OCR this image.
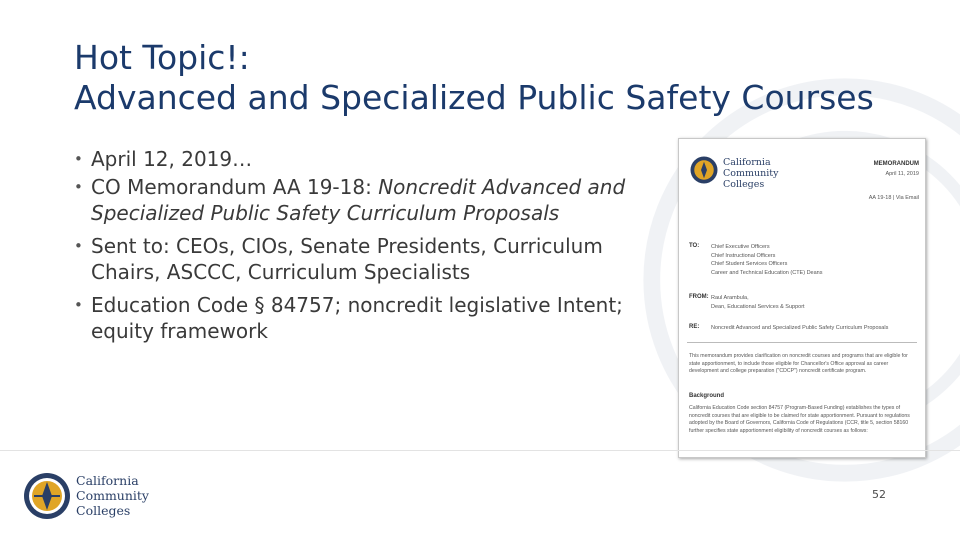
Hot Topic!:
Advanced and Specialized Public Safety Courses
• April 12, 2019…
• CO Memorandum AA 19-18: Noncredit Advanced and Specialized Public Safety Curriculum Proposals
• Sent to: CEOs, CIOs, Senate Presidents, Curriculum Chairs, ASCCC, Curriculum Specialists
• Education Code § 84757; noncredit legislative Intent; equity framework
California
Community
Colleges
MEMORANDUM
April 11, 2019
AA 19-18 | Via Email
TO: Chief Executive Officers
Chief Instructional Officers
Chief Student Services Officers
Career and Technical Education (CTE) Deans
FROM: Raul Arambula,
Dean, Educational Services & Support
RE: Noncredit Advanced and Specialized Public Safety Curriculum Proposals
This memorandum provides clarification on noncredit courses and programs that are eligible for state apportionment, to include those eligible for Chancellor's Office approval as career development and college preparation ("CDCP") noncredit certificate program.
Background
California Education Code section 84757 (Program-Based Funding) establishes the types of noncredit courses that are eligible to be claimed for state apportionment. Pursuant to regulations adopted by the Board of Governors, California Code of Regulations (CCR, title 5, section 58160 further specifies state apportionment eligibility of noncredit courses as follows:
California
Community
Colleges
52
